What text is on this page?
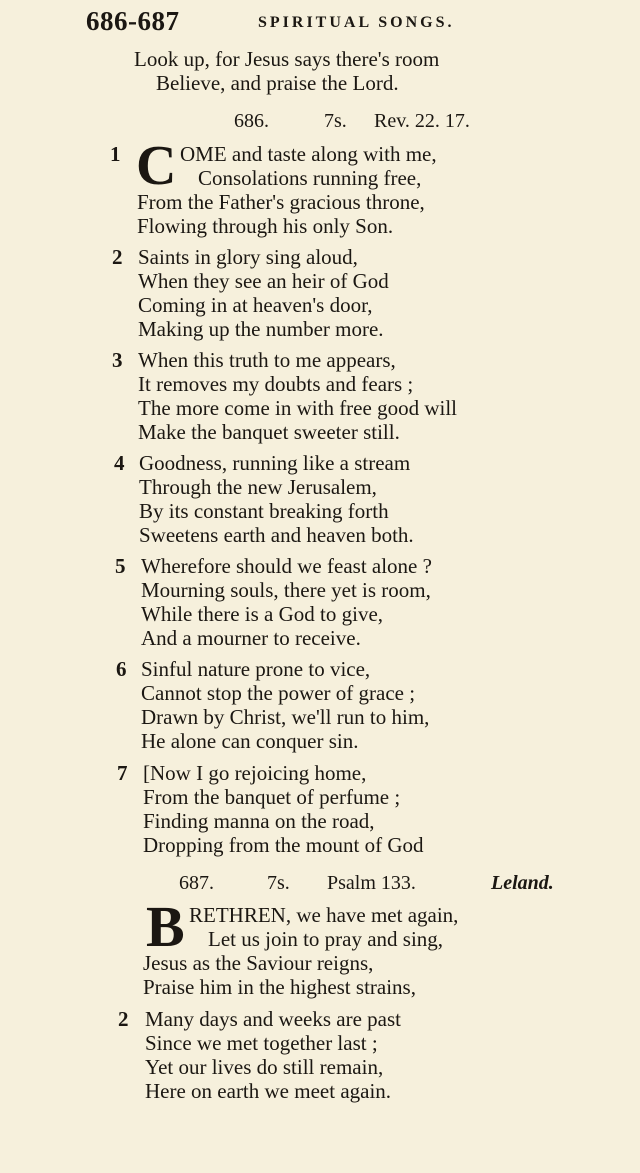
686-687	SPIRITUAL SONGS.
Look up, for Jesus says there's room
Believe, and praise the Lord.
686.	7s. Rev. 22. 17.
1 C OME and taste along with me,
Consolations running free,
From the Father's gracious throne,
Flowing through his only Son.
2 Saints in glory sing aloud,
When they see an heir of God
Coming in at heaven's door,
Making up the number more.
3 When this truth to me appears,
It removes my doubts and fears ;
The more come in with free good will
Make the banquet sweeter still.
4 Goodness, running like a stream
Through the new Jerusalem,
By its constant breaking forth
Sweetens earth and heaven both.
5 Wherefore should we feast alone ?
Mourning souls, there yet is room,
While there is a God to give,
And a mourner to receive.
6 Sinful nature prone to vice,
Cannot stop the power of grace ;
Drawn by Christ, we'll run to him,
He alone can conquer sin.
7 [Now I go rejoicing home,
From the banquet of perfume ;
Finding manna on the road,
Dropping from the mount of God
687.	7s. Psalm 133.	Leland.
B RETHREN, we have met again,
Let us join to pray and sing,
Jesus as the Saviour reigns,
Praise him in the highest strains,
2 Many days and weeks are past
Since we met together last ;
Yet our lives do still remain,
Here on earth we meet again.
